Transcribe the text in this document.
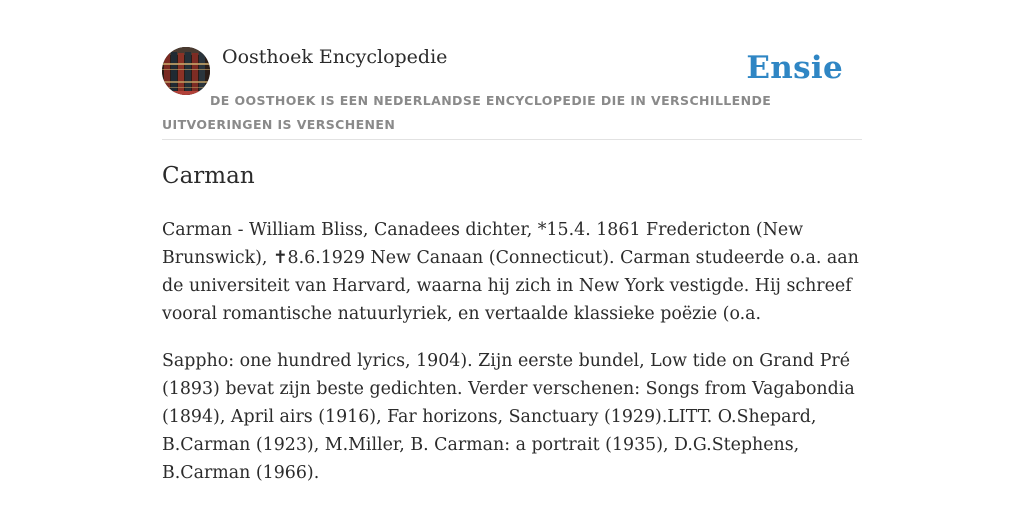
Oosthoek Encyclopedie	Ensie
DE OOSTHOEK IS EEN NEDERLANDSE ENCYCLOPEDIE DIE IN VERSCHILLENDE UITVOERINGEN IS VERSCHENEN
Carman

Carman - William Bliss, Canadees dichter, *15.4. 1861 Fredericton (New Brunswick), ✝8.6.1929 New Canaan (Connecticut). Carman studeerde o.a. aan de universiteit van Harvard, waarna hij zich in New York vestigde. Hij schreef vooral romantische natuurlyriek, en vertaalde klassieke poëzie (o.a.

Sappho: one hundred lyrics, 1904). Zijn eerste bundel, Low tide on Grand Pré (1893) bevat zijn beste gedichten. Verder verschenen: Songs from Vagabondia (1894), April airs (1916), Far horizons, Sanctuary (1929).LITT. O.Shepard, B.Carman (1923), M.Miller, B. Carman: a portrait (1935), D.G.Stephens, B.Carman (1966).
